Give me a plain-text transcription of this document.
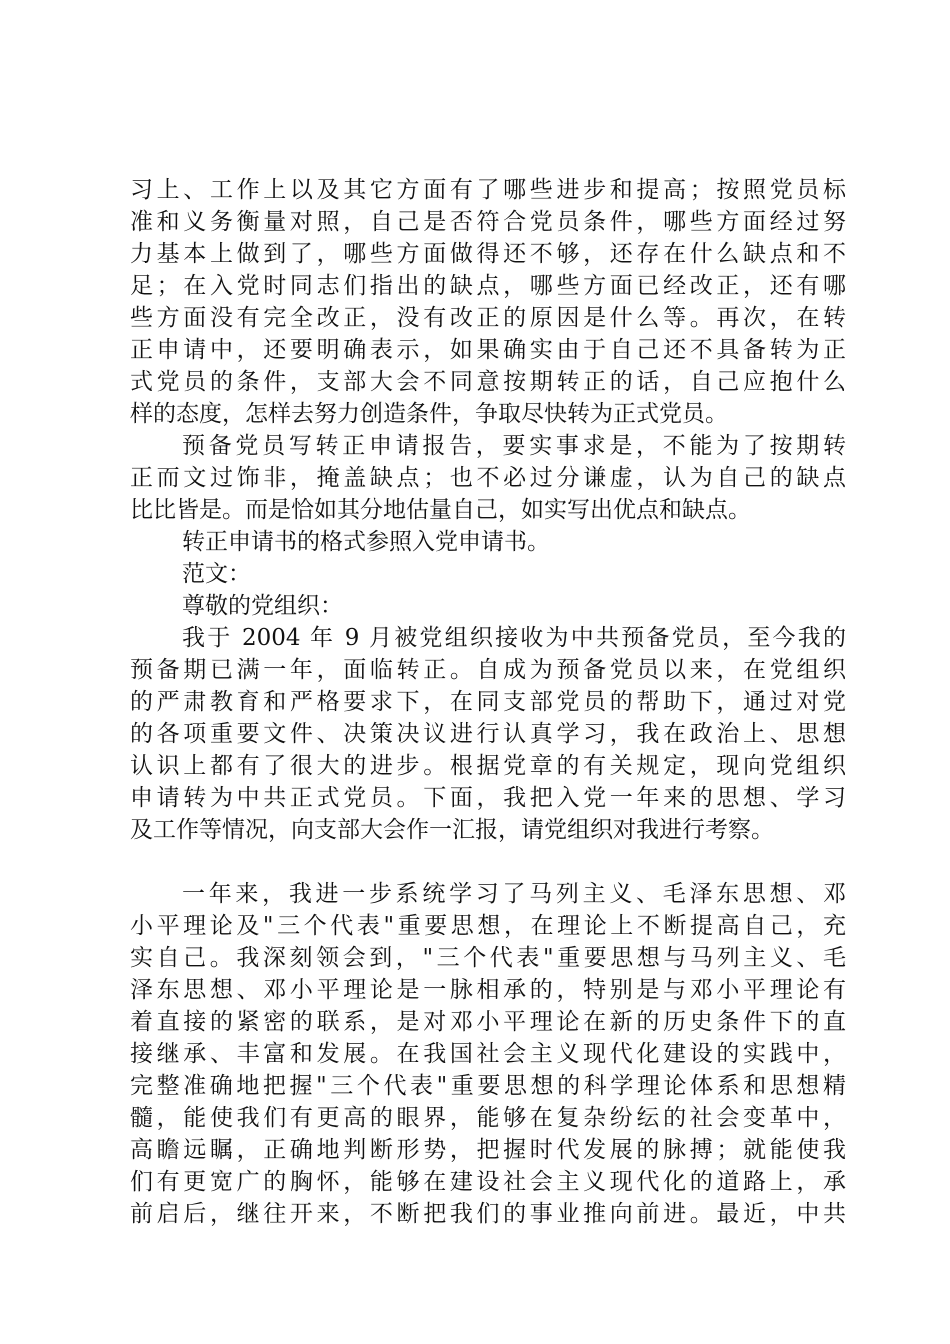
习上、工作上以及其它方面有了哪些进步和提高；按照党员标
准和义务衡量对照，自己是否符合党员条件，哪些方面经过努
力基本上做到了，哪些方面做得还不够，还存在什么缺点和不
足；在入党时同志们指出的缺点，哪些方面已经改正，还有哪
些方面没有完全改正，没有改正的原因是什么等。再次，在转
正申请中，还要明确表示，如果确实由于自己还不具备转为正
式党员的条件，支部大会不同意按期转正的话，自己应抱什么
样的态度，怎样去努力创造条件，争取尽快转为正式党员。
预备党员写转正申请报告，要实事求是，不能为了按期转
正而文过饰非，掩盖缺点；也不必过分谦虚，认为自己的缺点
比比皆是。而是恰如其分地估量自己，如实写出优点和缺点。
转正申请书的格式参照入党申请书。
范文：
尊敬的党组织：
我于 2004 年 9 月被党组织接收为中共预备党员，至今我的
预备期已满一年，面临转正。自成为预备党员以来，在党组织
的严肃教育和严格要求下，在同支部党员的帮助下，通过对党
的各项重要文件、决策决议进行认真学习，我在政治上、思想
认识上都有了很大的进步。根据党章的有关规定，现向党组织
申请转为中共正式党员。下面，我把入党一年来的思想、学习
及工作等情况，向支部大会作一汇报，请党组织对我进行考察。
一年来，我进一步系统学习了马列主义、毛泽东思想、邓
小平理论及"三个代表"重要思想，在理论上不断提高自己，充
实自己。我深刻领会到，"三个代表"重要思想与马列主义、毛
泽东思想、邓小平理论是一脉相承的，特别是与邓小平理论有
着直接的紧密的联系，是对邓小平理论在新的历史条件下的直
接继承、丰富和发展。在我国社会主义现代化建设的实践中，
完整准确地把握"三个代表"重要思想的科学理论体系和思想精
髓，能使我们有更高的眼界，能够在复杂纷纭的社会变革中，
高瞻远瞩，正确地判断形势，把握时代发展的脉搏；就能使我
们有更宽广的胸怀，能够在建设社会主义现代化的道路上，承
前启后，继往开来，不断把我们的事业推向前进。最近，中共
